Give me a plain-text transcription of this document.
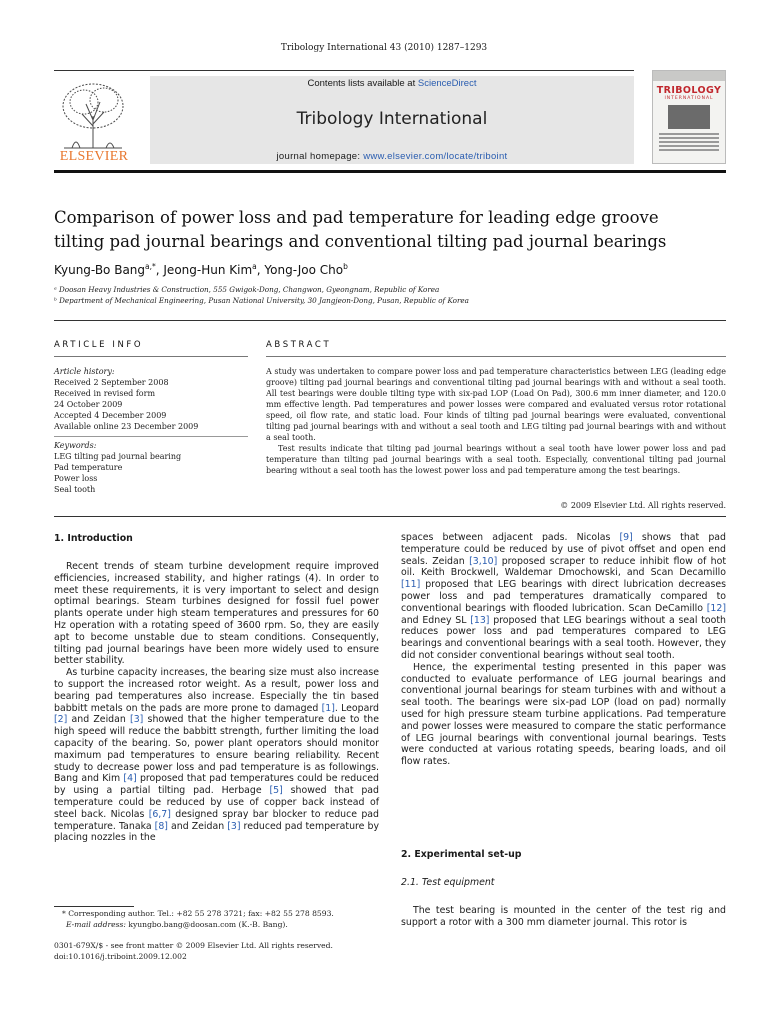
Tribology International 43 (2010) 1287–1293
ELSEVIER
Contents lists available at ScienceDirect
Tribology International
journal homepage: www.elsevier.com/locate/triboint
TRIBOLOGY
INTERNATIONAL
Comparison of power loss and pad temperature for leading edge groove
tilting pad journal bearings and conventional tilting pad journal bearings
Kyung-Bo Bang$^{a,*}$, Jeong-Hun Kim$^a$, Yong-Joo Cho$^b$
ᵃ Doosan Heavy Industries & Construction, 555 Gwigok-Dong, Changwon, Gyeongnam, Republic of Korea
ᵇ Department of Mechanical Engineering, Pusan National University, 30 Jangjeon-Dong, Pusan, Republic of Korea
ARTICLE INFO	ABSTRACT
Article history:
Received 2 September 2008
Received in revised form
24 October 2009
Accepted 4 December 2009
Available online 23 December 2009
Keywords:
LEG tilting pad journal bearing
Pad temperature
Power loss
Seal tooth

A study was undertaken to compare power loss and pad temperature characteristics between LEG (leading edge groove) tilting pad journal bearings and conventional tilting pad journal bearings with and without a seal tooth. All test bearings were double tilting type with six-pad LOP (Load On Pad), 300.6 mm inner diameter, and 120.0 mm effective length. Pad temperatures and power losses were compared and evaluated versus rotor rotational speed, oil flow rate, and static load. Four kinds of tilting pad journal bearings were evaluated, conventional tilting pad journal bearings with and without a seal tooth and LEG tilting pad journal bearings with and without a seal tooth.

Test results indicate that tilting pad journal bearings without a seal tooth have lower power loss and pad temperature than tilting pad journal bearings with a seal tooth. Especially, conventional tilting pad journal bearing without a seal tooth has the lowest power loss and pad temperature among the test bearings.

© 2009 Elsevier Ltd. All rights reserved.
1. Introduction

Recent trends of steam turbine development require improved efficiencies, increased stability, and higher ratings (4). In order to meet these requirements, it is very important to select and design optimal bearings. Steam turbines designed for fossil fuel power plants operate under high steam temperatures and pressures for 60 Hz operation with a rotating speed of 3600 rpm. So, they are easily apt to become unstable due to steam conditions. Consequently, tilting pad journal bearings have been more widely used to ensure better stability.

As turbine capacity increases, the bearing size must also increase to support the increased rotor weight. As a result, power loss and bearing pad temperatures also increase. Especially the tin based babbitt metals on the pads are more prone to damaged [1]. Leopard [2] and Zeidan [3] showed that the higher temperature due to the high speed will reduce the babbitt strength, further limiting the load capacity of the bearing. So, power plant operators should monitor maximum pad temperatures to ensure bearing reliability. Recent study to decrease power loss and pad temperature is as followings. Bang and Kim [4] proposed that pad temperatures could be reduced by using a partial tilting pad. Herbage [5] showed that pad temperature could be reduced by use of copper back instead of steel back. Nicolas [6,7] designed spray bar blocker to reduce pad temperature. Tanaka [8] and Zeidan [3] reduced pad temperature by placing nozzles in the

spaces between adjacent pads. Nicolas [9] shows that pad temperature could be reduced by use of pivot offset and open end seals. Zeidan [3,10] proposed scraper to reduce inhibit flow of hot oil. Keith Brockwell, Waldemar Dmochowski, and Scan Decamillo [11] proposed that LEG bearings with direct lubrication decreases power loss and pad temperatures dramatically compared to conventional bearings with flooded lubrication. Scan DeCamillo [12] and Edney SL [13] proposed that LEG bearings without a seal tooth reduces power loss and pad temperatures compared to LEG bearings and conventional bearings with a seal tooth. However, they did not consider conventional bearings without seal tooth.

Hence, the experimental testing presented in this paper was conducted to evaluate performance of LEG journal bearings and conventional journal bearings for steam turbines with and without a seal tooth. The bearings were six-pad LOP (load on pad) normally used for high pressure steam turbine applications. Pad temperature and power losses were measured to compare the static performance of LEG journal bearings with conventional journal bearings. Tests were conducted at various rotating speeds, bearing loads, and oil flow rates.

2. Experimental set-up
2.1. Test equipment

The test bearing is mounted in the center of the test rig and support a rotor with a 300 mm diameter journal. This rotor is

* Corresponding author. Tel.: +82 55 278 3721; fax: +82 55 278 8593.
E-mail address: kyungbo.bang@doosan.com (K.-B. Bang).
0301-679X/$ - see front matter © 2009 Elsevier Ltd. All rights reserved.
doi:10.1016/j.triboint.2009.12.002
